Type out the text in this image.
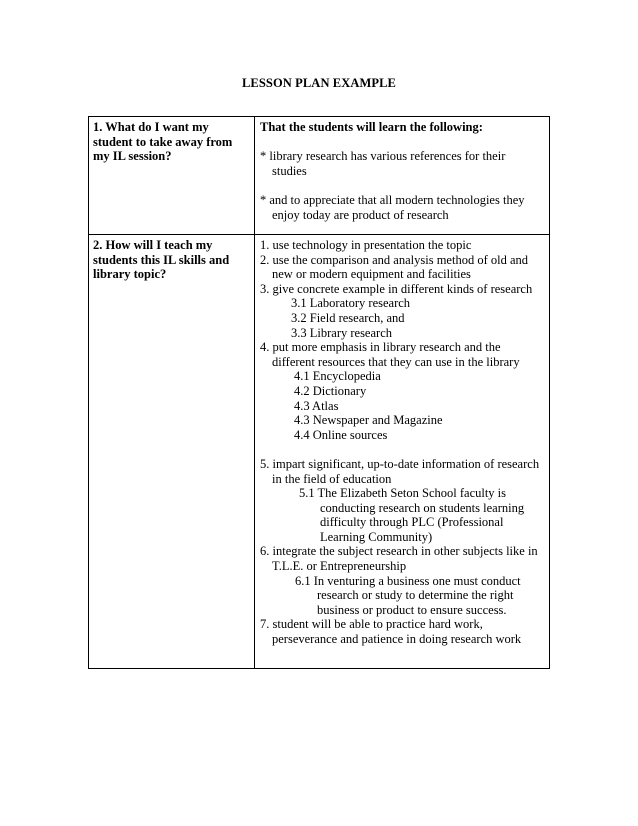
LESSON PLAN EXAMPLE
1. What do I want my
student to take away from
my IL session?
That the students will learn the following:
* library research has various references for their
studies
* and to appreciate that all modern technologies they
enjoy today are product of research
2. How will I teach my
students this IL skills and
library topic?
1. use technology in presentation the topic
2. use the comparison and analysis method of old and
new or modern equipment and facilities
3. give concrete example in different kinds of research
3.1 Laboratory research
3.2 Field research, and
3.3 Library research
4. put more emphasis in library research and the
different resources that they can use in the library
4.1 Encyclopedia
4.2 Dictionary
4.3 Atlas
4.3 Newspaper and Magazine
4.4 Online sources
5. impart significant, up-to-date information of research
in the field of education
5.1 The Elizabeth Seton School faculty is
conducting research on students learning
difficulty through PLC (Professional
Learning Community)
6. integrate the subject research in other subjects like in
T.L.E. or Entrepreneurship
6.1 In venturing a business one must conduct
research or study to determine the right
business or product to ensure success.
7. student will be able to practice hard work,
perseverance and patience in doing research work
